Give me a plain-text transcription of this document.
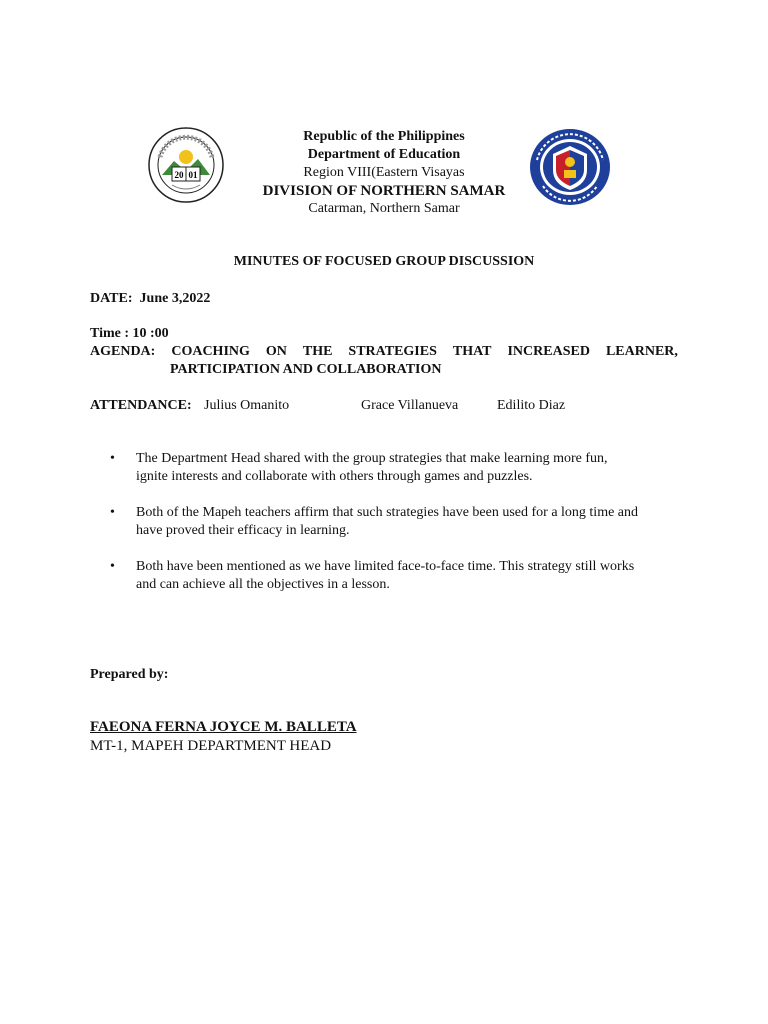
20 01
Republic of the Philippines
Department of Education
Region VIII(Eastern Visayas
DIVISION OF NORTHERN SAMAR
Catarman, Northern Samar
MINUTES OF FOCUSED GROUP DISCUSSION
DATE: June 3,2022
Time : 10 :00
AGENDA: COACHING ON THE STRATEGIES THAT INCREASED LEARNER,
PARTICIPATION AND COLLABORATION
ATTENDANCE: Julius Omanito	Grace Villanueva	Edilito Diaz
• The Department Head shared with the group strategies that make learning more fun,
ignite interests and collaborate with others through games and puzzles.
• Both of the Mapeh teachers affirm that such strategies have been used for a long time and
have proved their efficacy in learning.
• Both have been mentioned as we have limited face-to-face time. This strategy still works
and can achieve all the objectives in a lesson.
Prepared by:
FAEONA FERNA JOYCE M. BALLETA
MT-1, MAPEH DEPARTMENT HEAD
